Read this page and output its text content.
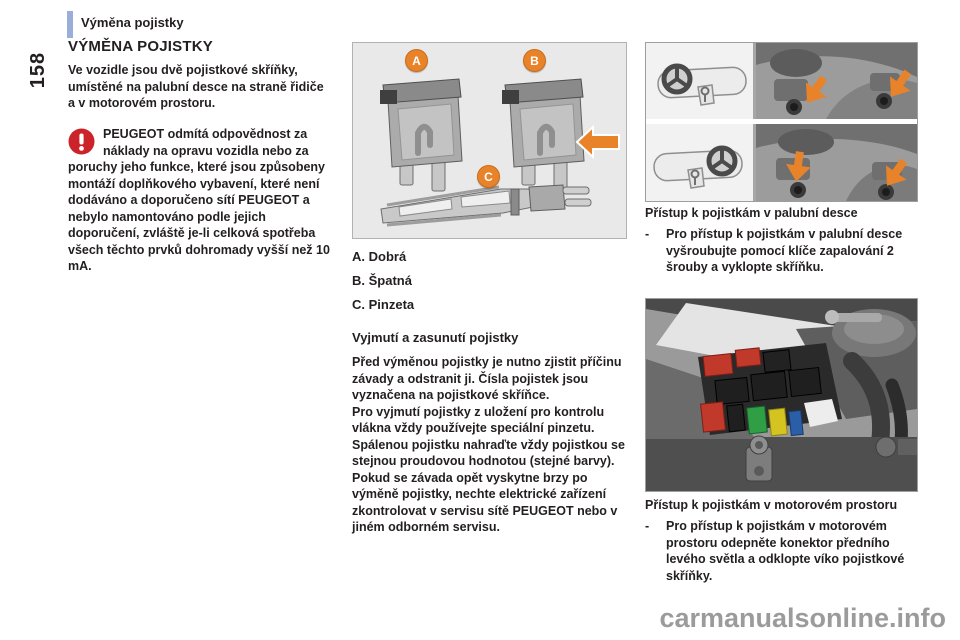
Výměna pojistky
158
VÝMĚNA POJISTKY
Ve vozidle jsou dvě pojistkové skříňky, umístěné na palubní desce na straně řidiče a v motorovém prostoru.
PEUGEOT odmítá odpovědnost za náklady na opravu vozidla nebo za poruchy jeho funkce, které jsou způsobeny montáží doplňkového vybavení, které není dodáváno a doporučeno sítí PEUGEOT a nebylo namontováno podle jejich doporučení, zvláště je-li celková spotřeba všech těchto prvků dohromady vyšší než 10 mA.
A	B
C
A. Dobrá
B. Špatná
C. Pinzeta
Vyjmutí a zasunutí pojistky

Před výměnou pojistky je nutno zjistit příčinu závady a odstranit ji. Čísla pojistek jsou vyznačena na pojistkové skříňce.

Pro vyjmutí pojistky z uložení pro kontrolu vlákna vždy používejte speciální pinzetu.

Spálenou pojistku nahraďte vždy pojistkou se stejnou proudovou hodnotou (stejné barvy).

Pokud se závada opět vyskytne brzy po výměně pojistky, nechte elektrické zařízení zkontrolovat v servisu sítě PEUGEOT nebo v jiném odborném servisu.

Přístup k pojistkám v palubní desce
-	Pro přístup k pojistkám v palubní desce vyšroubujte pomocí klíče zapalování 2 šrouby a vyklopte skříňku.
Přístup k pojistkám v motorovém prostoru
-	Pro přístup k pojistkám v motorovém prostoru odepněte konektor předního levého světla a odklopte víko pojistkové skříňky.
carmanualsonline.info
